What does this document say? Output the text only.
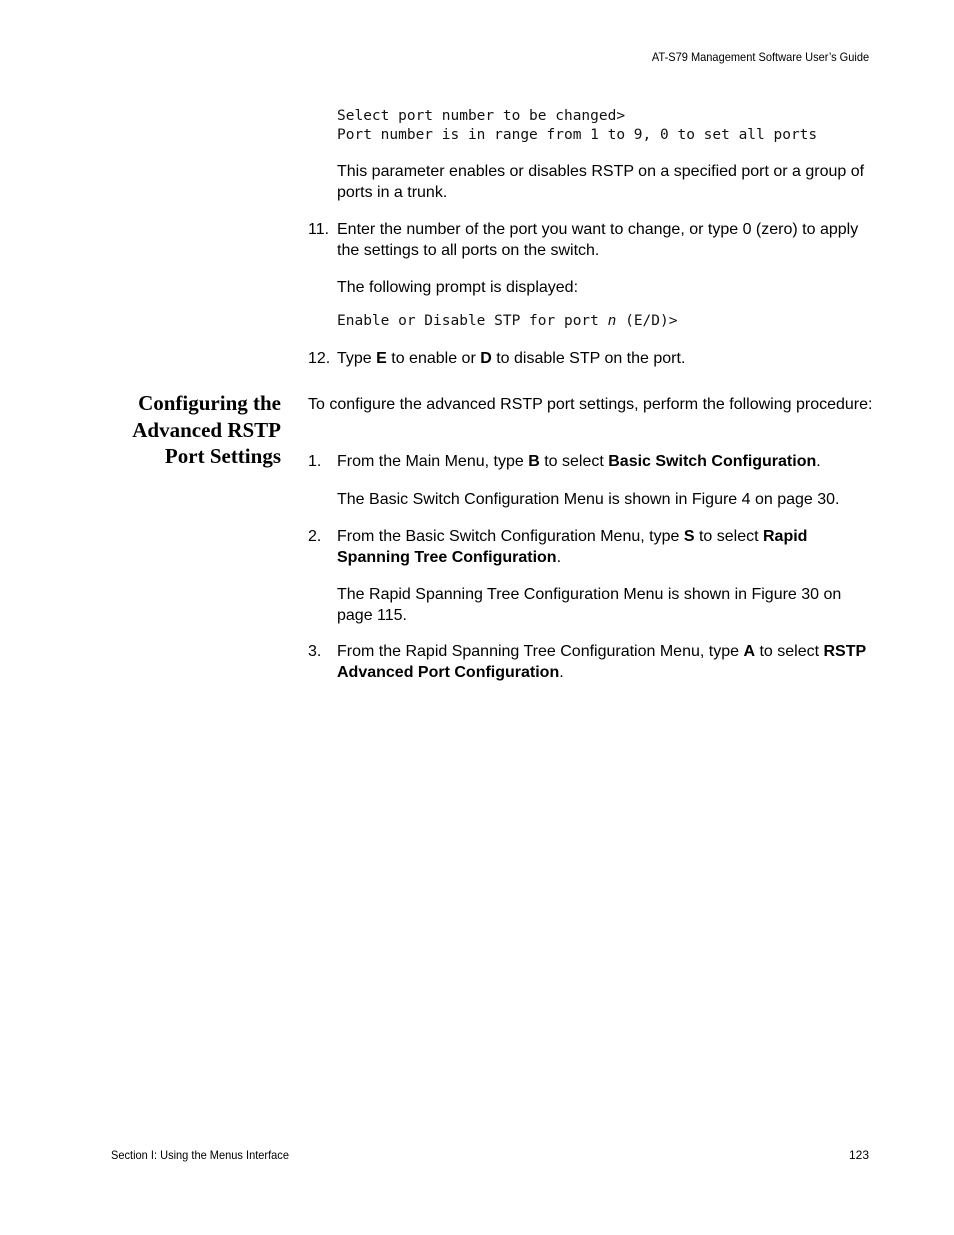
AT-S79 Management Software User’s Guide
Select port number to be changed>
Port number is in range from 1 to 9, 0 to set all ports
This parameter enables or disables RSTP on a specified port or a group of ports in a trunk.
11. Enter the number of the port you want to change, or type 0 (zero) to apply the settings to all ports on the switch.
The following prompt is displayed:
Enable or Disable STP for port n (E/D)>
12. Type E to enable or D to disable STP on the port.
Configuring the
Advanced RSTP
Port Settings
To configure the advanced RSTP port settings, perform the following procedure:
1. From the Main Menu, type B to select Basic Switch Configuration.
The Basic Switch Configuration Menu is shown in Figure 4 on page 30.
2. From the Basic Switch Configuration Menu, type S to select Rapid Spanning Tree Configuration.
The Rapid Spanning Tree Configuration Menu is shown in Figure 30 on page 115.
3. From the Rapid Spanning Tree Configuration Menu, type A to select RSTP Advanced Port Configuration.
Section I: Using the Menus Interface	123
